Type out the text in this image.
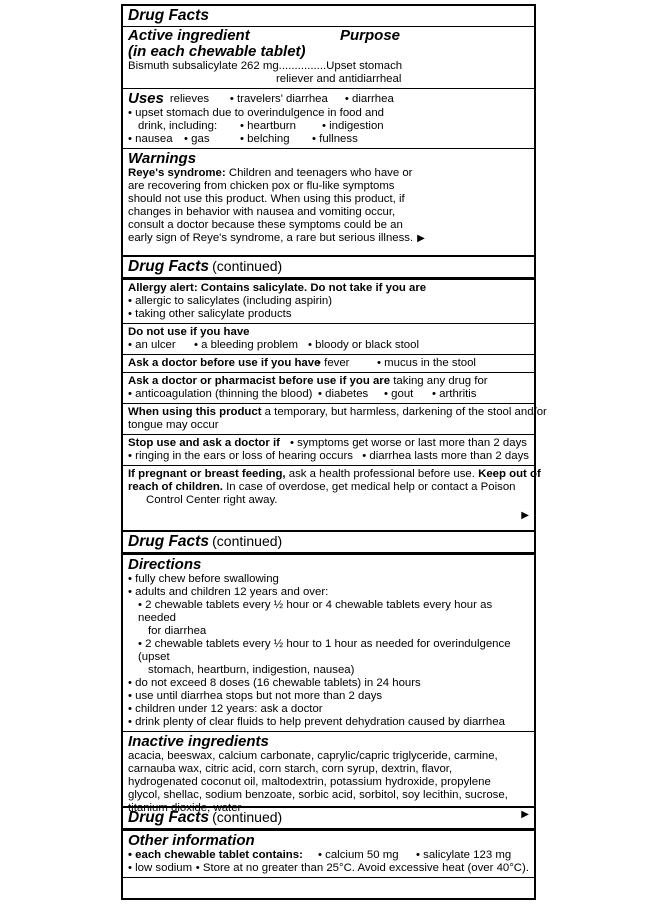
Drug Facts
Active ingredient	Purpose
(in each chewable tablet)
Bismuth subsalicylate 262 mg...............Upset stomach
reliever and antidiarrheal
Uses relieves	• travelers' diarrhea	• diarrhea
• upset stomach due to overindulgence in food and
drink, including:	• heartburn	• indigestion
• nausea	• gas	• belching	• fullness
Warnings
Reye's syndrome: Children and teenagers who have or
are recovering from chicken pox or flu-like symptoms
should not use this product. When using this product, if
changes in behavior with nausea and vomiting occur,
consult a doctor because these symptoms could be an
early sign of Reye's syndrome, a rare but serious illness. ▶
Drug Facts (continued)
Allergy alert: Contains salicylate. Do not take if you are
• allergic to salicylates (including aspirin)
• taking other salicylate products
Do not use if you have
• an ulcer	• a bleeding problem • bloody or black stool
Ask a doctor before use if you have
• fever	• mucus in the stool
Ask a doctor or pharmacist before use if you are taking any drug for
• anticoagulation (thinning the blood) • diabetes	• gout	• arthritis
When using this product a temporary, but harmless, darkening of the stool and/or
tongue may occur
Stop use and ask a doctor if • symptoms get worse or last more than 2 days
• ringing in the ears or loss of hearing occurs • diarrhea lasts more than 2 days
If pregnant or breast feeding, ask a health professional before use. Keep out of
reach of children. In case of overdose, get medical help or contact a Poison
Control Center right away.
▶
Drug Facts (continued)
Directions
• fully chew before swallowing
• adults and children 12 years and over:
• 2 chewable tablets every ½ hour or 4 chewable tablets every hour as needed
for diarrhea
• 2 chewable tablets every ½ hour to 1 hour as needed for overindulgence (upset
stomach, heartburn, indigestion, nausea)
• do not exceed 8 doses (16 chewable tablets) in 24 hours
• use until diarrhea stops but not more than 2 days
• children under 12 years: ask a doctor
• drink plenty of clear fluids to help prevent dehydration caused by diarrhea
Inactive ingredients
acacia, beeswax, calcium carbonate, caprylic/capric triglyceride, carmine,
carnauba wax, citric acid, corn starch, corn syrup, dextrin, flavor,
hydrogenated coconut oil, maltodextrin, potassium hydroxide, propylene
glycol, shellac, sodium benzoate, sorbic acid, sorbitol, soy lecithin, sucrose,
titanium dioxide, water
▶
Drug Facts (continued)
Other information
• each chewable tablet contains:	• calcium 50 mg	• salicylate 123 mg
• low sodium • Store at no greater than 25°C. Avoid excessive heat (over 40°C).
